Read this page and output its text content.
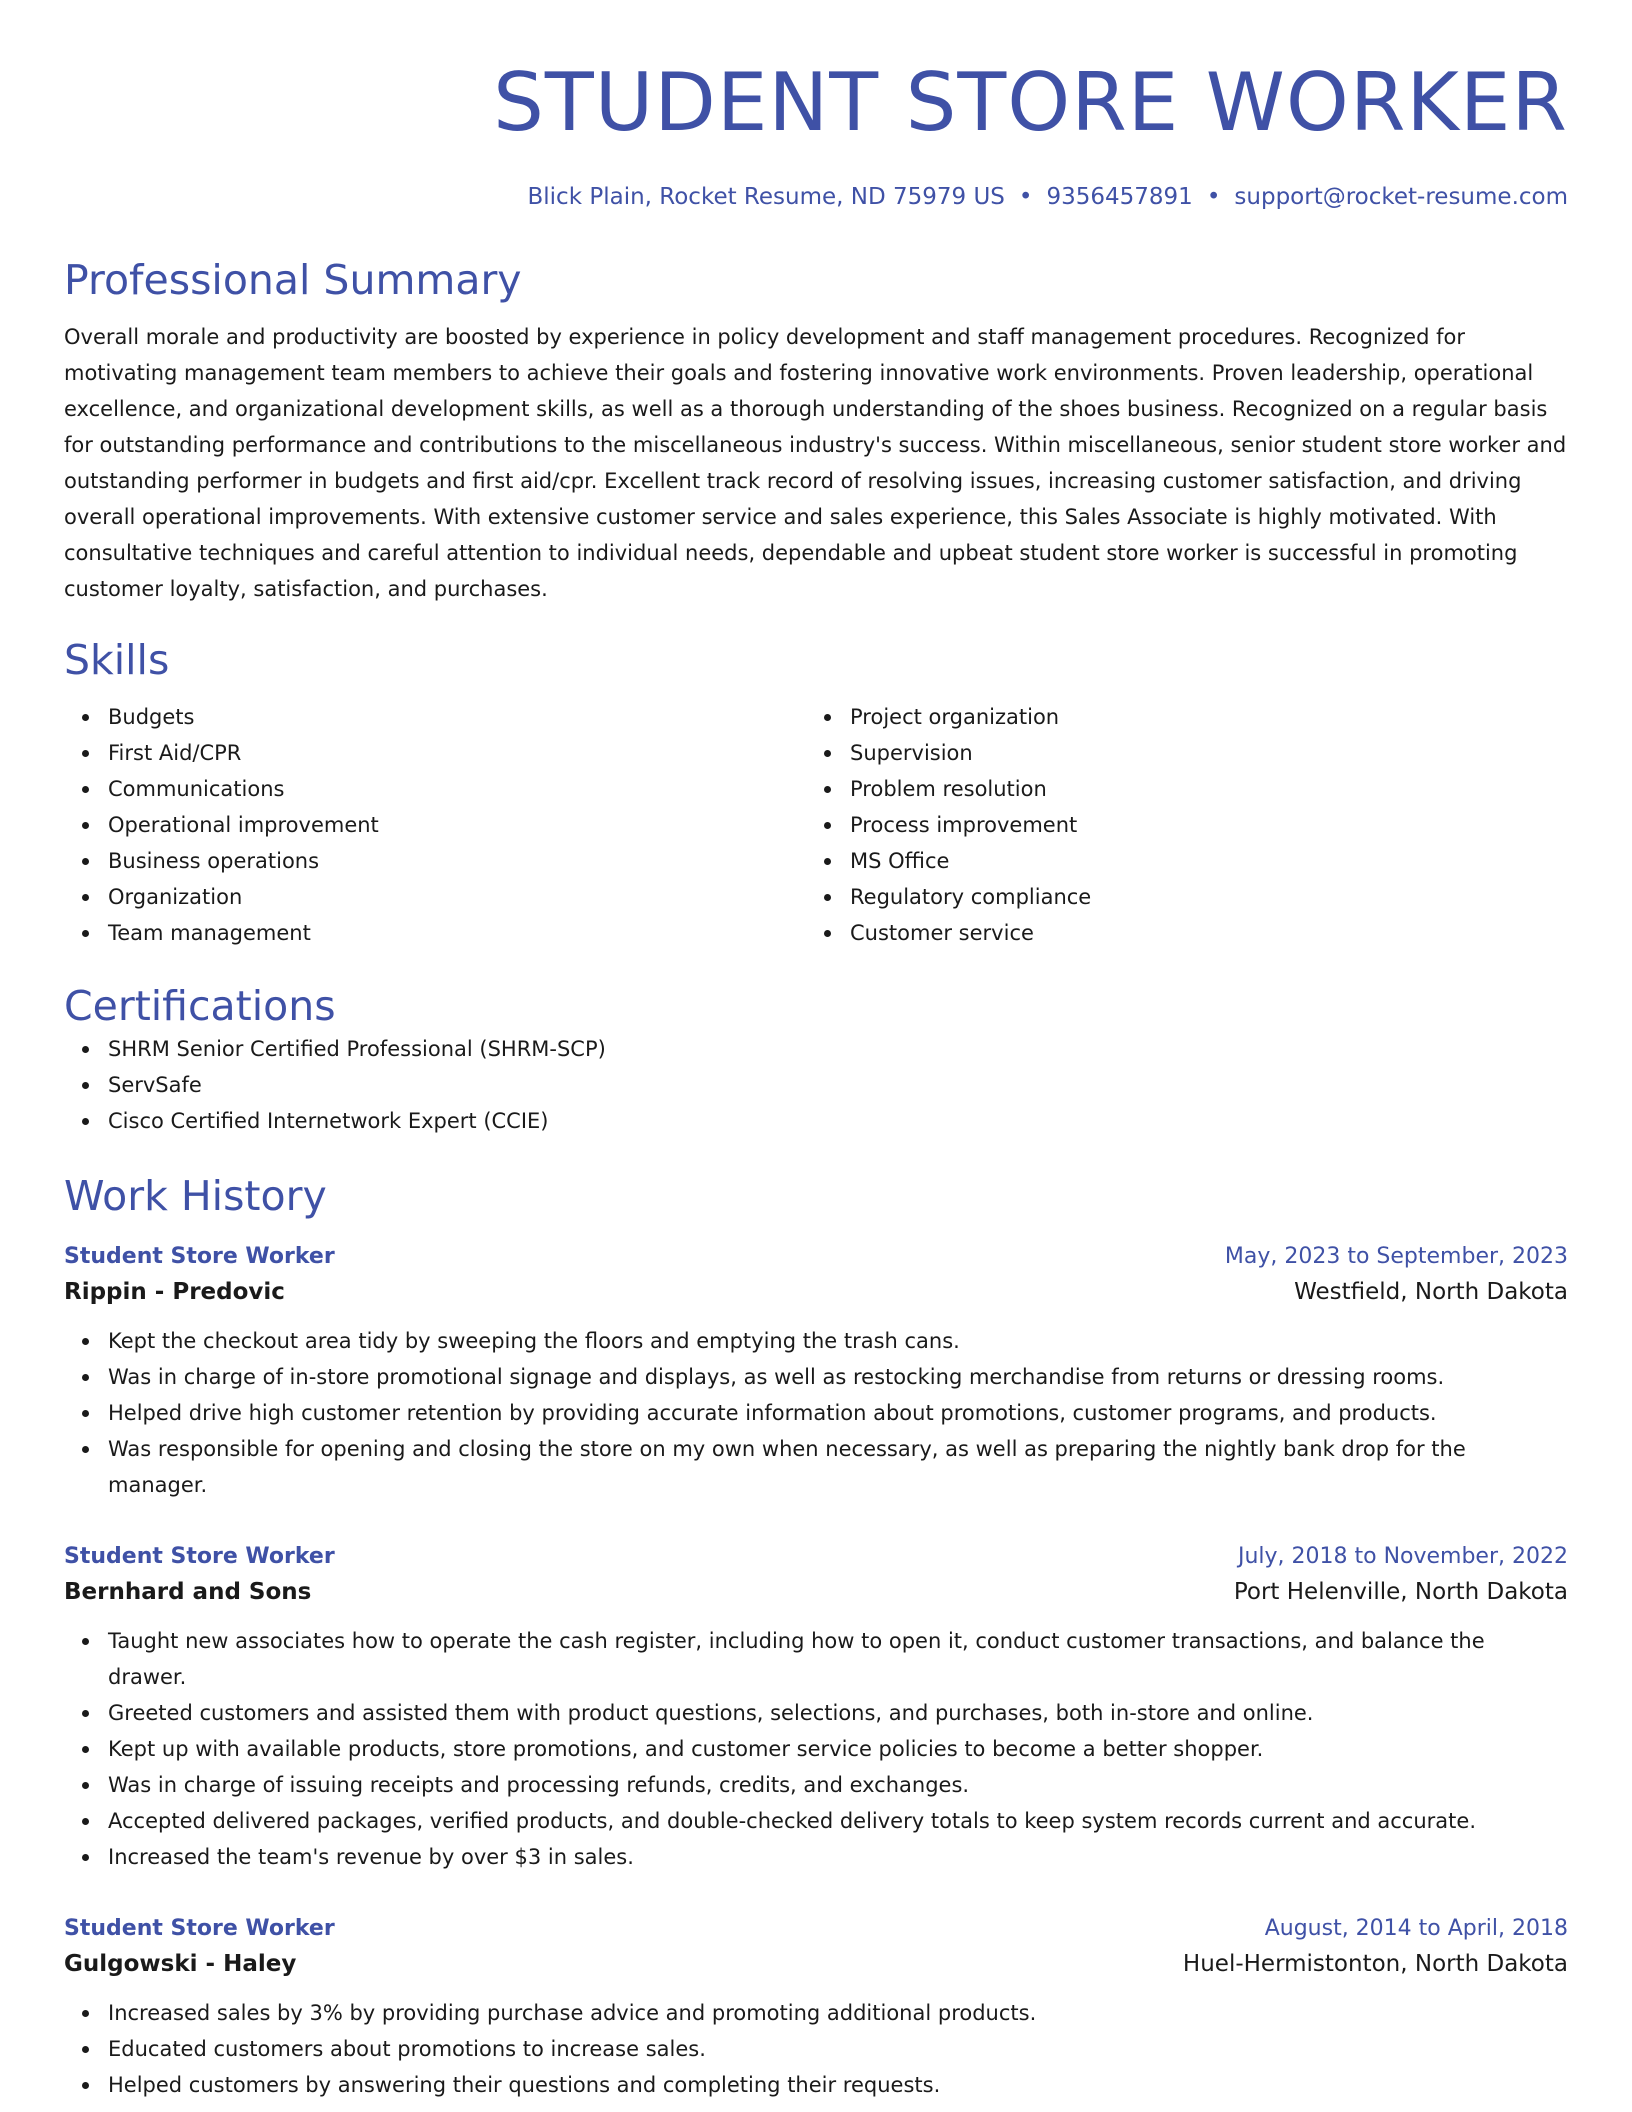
STUDENT STORE WORKER
Blick Plain, Rocket Resume, ND 75979 US • 9356457891 • support@rocket-resume.com
Professional Summary
Overall morale and productivity are boosted by experience in policy development and staff management procedures. Recognized for motivating management team members to achieve their goals and fostering innovative work environments. Proven leadership, operational excellence, and organizational development skills, as well as a thorough understanding of the shoes business. Recognized on a regular basis for outstanding performance and contributions to the miscellaneous industry's success. Within miscellaneous, senior student store worker and outstanding performer in budgets and first aid/cpr. Excellent track record of resolving issues, increasing customer satisfaction, and driving overall operational improvements. With extensive customer service and sales experience, this Sales Associate is highly motivated. With consultative techniques and careful attention to individual needs, dependable and upbeat student store worker is successful in promoting customer loyalty, satisfaction, and purchases.
Skills
Budgets
First Aid/CPR
Communications
Operational improvement
Business operations
Organization
Team management
Project organization
Supervision
Problem resolution
Process improvement
MS Office
Regulatory compliance
Customer service
Certifications
SHRM Senior Certified Professional (SHRM-SCP)
ServSafe
Cisco Certified Internetwork Expert (CCIE)
Work History
Student Store Worker	May, 2023 to September, 2023
Rippin - Predovic	Westfield, North Dakota
Kept the checkout area tidy by sweeping the floors and emptying the trash cans.
Was in charge of in-store promotional signage and displays, as well as restocking merchandise from returns or dressing rooms.
Helped drive high customer retention by providing accurate information about promotions, customer programs, and products.
Was responsible for opening and closing the store on my own when necessary, as well as preparing the nightly bank drop for the manager.
Student Store Worker	July, 2018 to November, 2022
Bernhard and Sons	Port Helenville, North Dakota
Taught new associates how to operate the cash register, including how to open it, conduct customer transactions, and balance the drawer.
Greeted customers and assisted them with product questions, selections, and purchases, both in-store and online.
Kept up with available products, store promotions, and customer service policies to become a better shopper.
Was in charge of issuing receipts and processing refunds, credits, and exchanges.
Accepted delivered packages, verified products, and double-checked delivery totals to keep system records current and accurate.
Increased the team's revenue by over $3 in sales.
Student Store Worker	August, 2014 to April, 2018
Gulgowski - Haley	Huel-Hermistonton, North Dakota
Increased sales by 3% by providing purchase advice and promoting additional products.
Educated customers about promotions to increase sales.
Helped customers by answering their questions and completing their requests.
